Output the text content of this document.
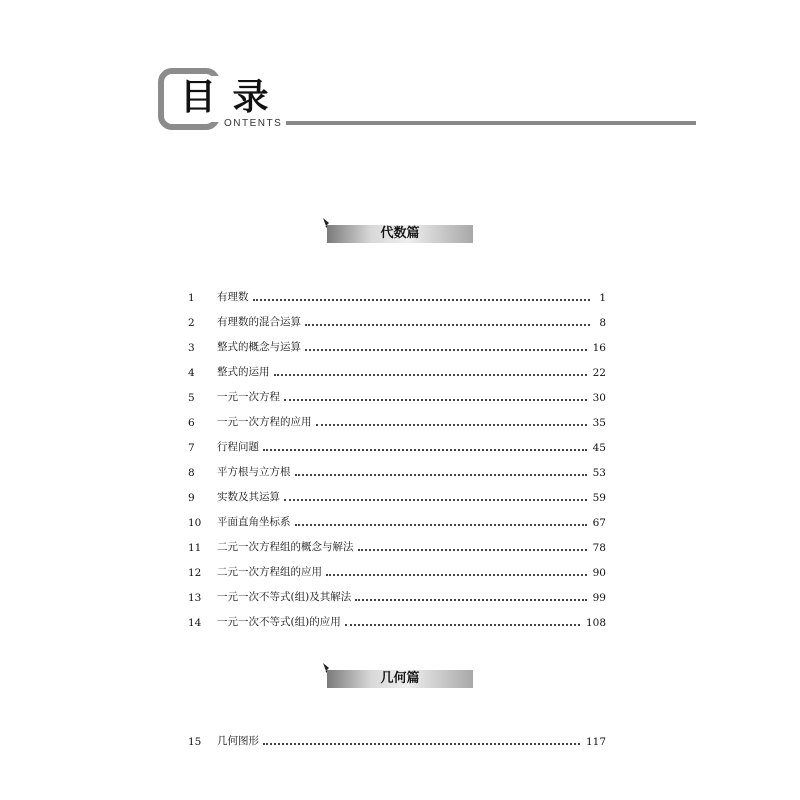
目 录
ONTENTS
代数篇
1	有理数	1
2	有理数的混合运算	8
3	整式的概念与运算	16
4	整式的运用	22
5	一元一次方程	30
6	一元一次方程的应用	35
7	行程问题	45
8	平方根与立方根	53
9	实数及其运算	59
10	平面直角坐标系	67
11	二元一次方程组的概念与解法	78
12	二元一次方程组的应用	90
13	一元一次不等式(组)及其解法	99
14	一元一次不等式(组)的应用	108
几何篇
15	几何图形	117
